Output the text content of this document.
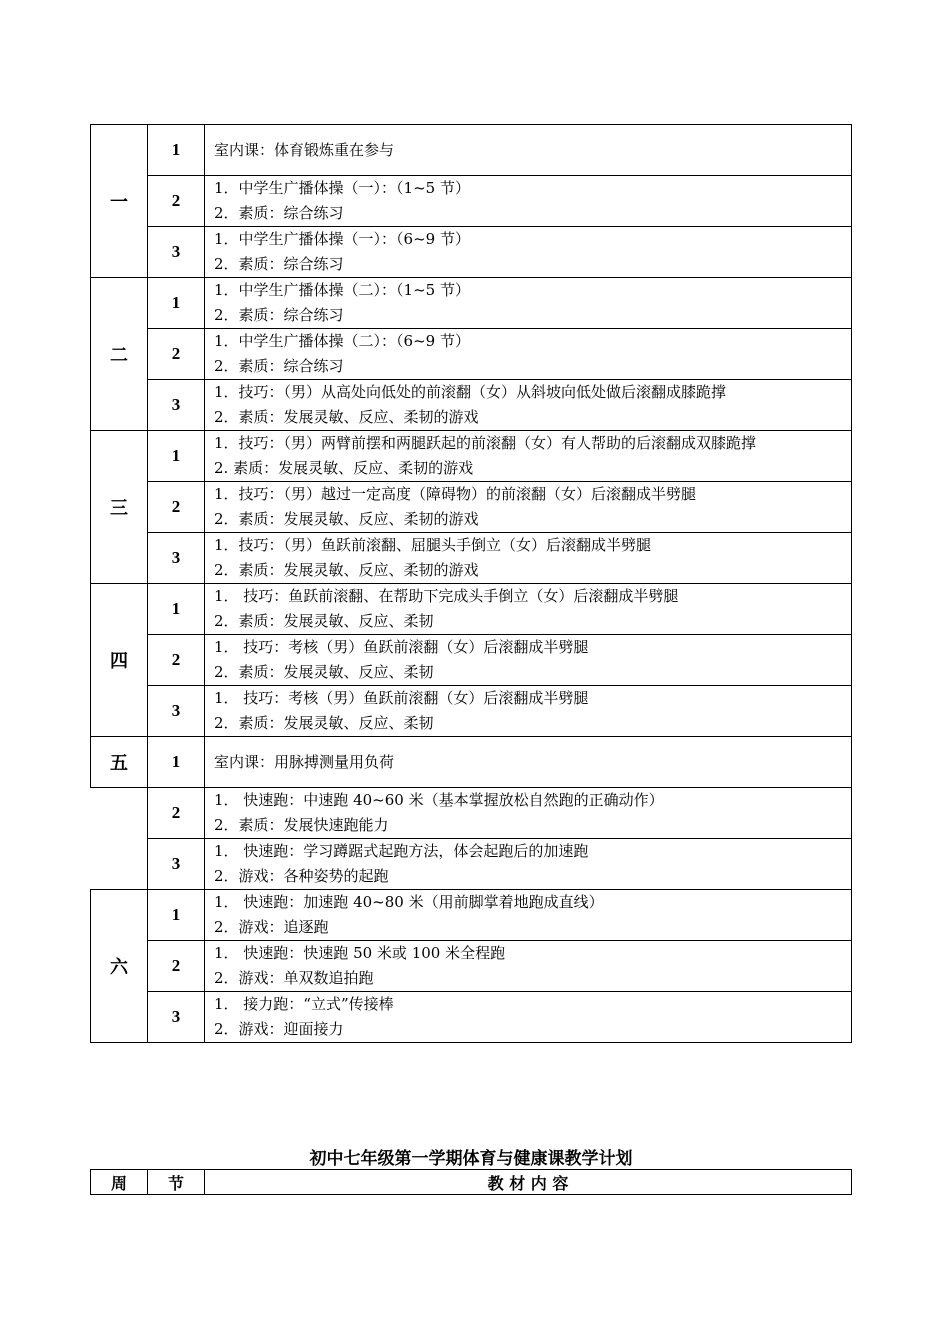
一	1	室内课：体育锻炼重在参与

	2	1．中学生广播体操（一）：（1~5 节）
2．素质：综合练习

	3	1．中学生广播体操（一）：（6~9 节）
2．素质：综合练习

二	1	1．中学生广播体操（二）：（1~5 节）
2．素质：综合练习

	2	1．中学生广播体操（二）：（6~9 节）
2．素质：综合练习

	3	1．技巧：（男）从高处向低处的前滚翻（女）从斜坡向低处做后滚翻成膝跪撑
2．素质：发展灵敏、反应、柔韧的游戏

三	1	1．技巧：（男）两臂前摆和两腿跃起的前滚翻（女）有人帮助的后滚翻成双膝跪撑
2. 素质：发展灵敏、反应、柔韧的游戏

	2	1．技巧：（男）越过一定高度（障碍物）的前滚翻（女）后滚翻成半劈腿
2．素质：发展灵敏、反应、柔韧的游戏

	3	1．技巧：（男）鱼跃前滚翻、屈腿头手倒立（女）后滚翻成半劈腿
2．素质：发展灵敏、反应、柔韧的游戏

四	1	1． 技巧：鱼跃前滚翻、在帮助下完成头手倒立（女）后滚翻成半劈腿
2．素质：发展灵敏、反应、柔韧

	2	1． 技巧：考核（男）鱼跃前滚翻（女）后滚翻成半劈腿
2．素质：发展灵敏、反应、柔韧

	3	1． 技巧：考核（男）鱼跃前滚翻（女）后滚翻成半劈腿
2．素质：发展灵敏、反应、柔韧

五	1	室内课：用脉搏测量用负荷

	2	1． 快速跑：中速跑 40~60 米（基本掌握放松自然跑的正确动作）
2．素质：发展快速跑能力

	3	1． 快速跑：学习蹲踞式起跑方法，体会起跑后的加速跑
2．游戏：各种姿势的起跑

六	1	1． 快速跑：加速跑 40~80 米（用前脚掌着地跑成直线）
2．游戏：追逐跑

	2	1． 快速跑：快速跑 50 米或 100 米全程跑
2．游戏：单双数追拍跑

	3	1． 接力跑：“立式”传接棒
2．游戏：迎面接力
初中七年级第一学期体育与健康课教学计划
周	节	教 材 内 容
